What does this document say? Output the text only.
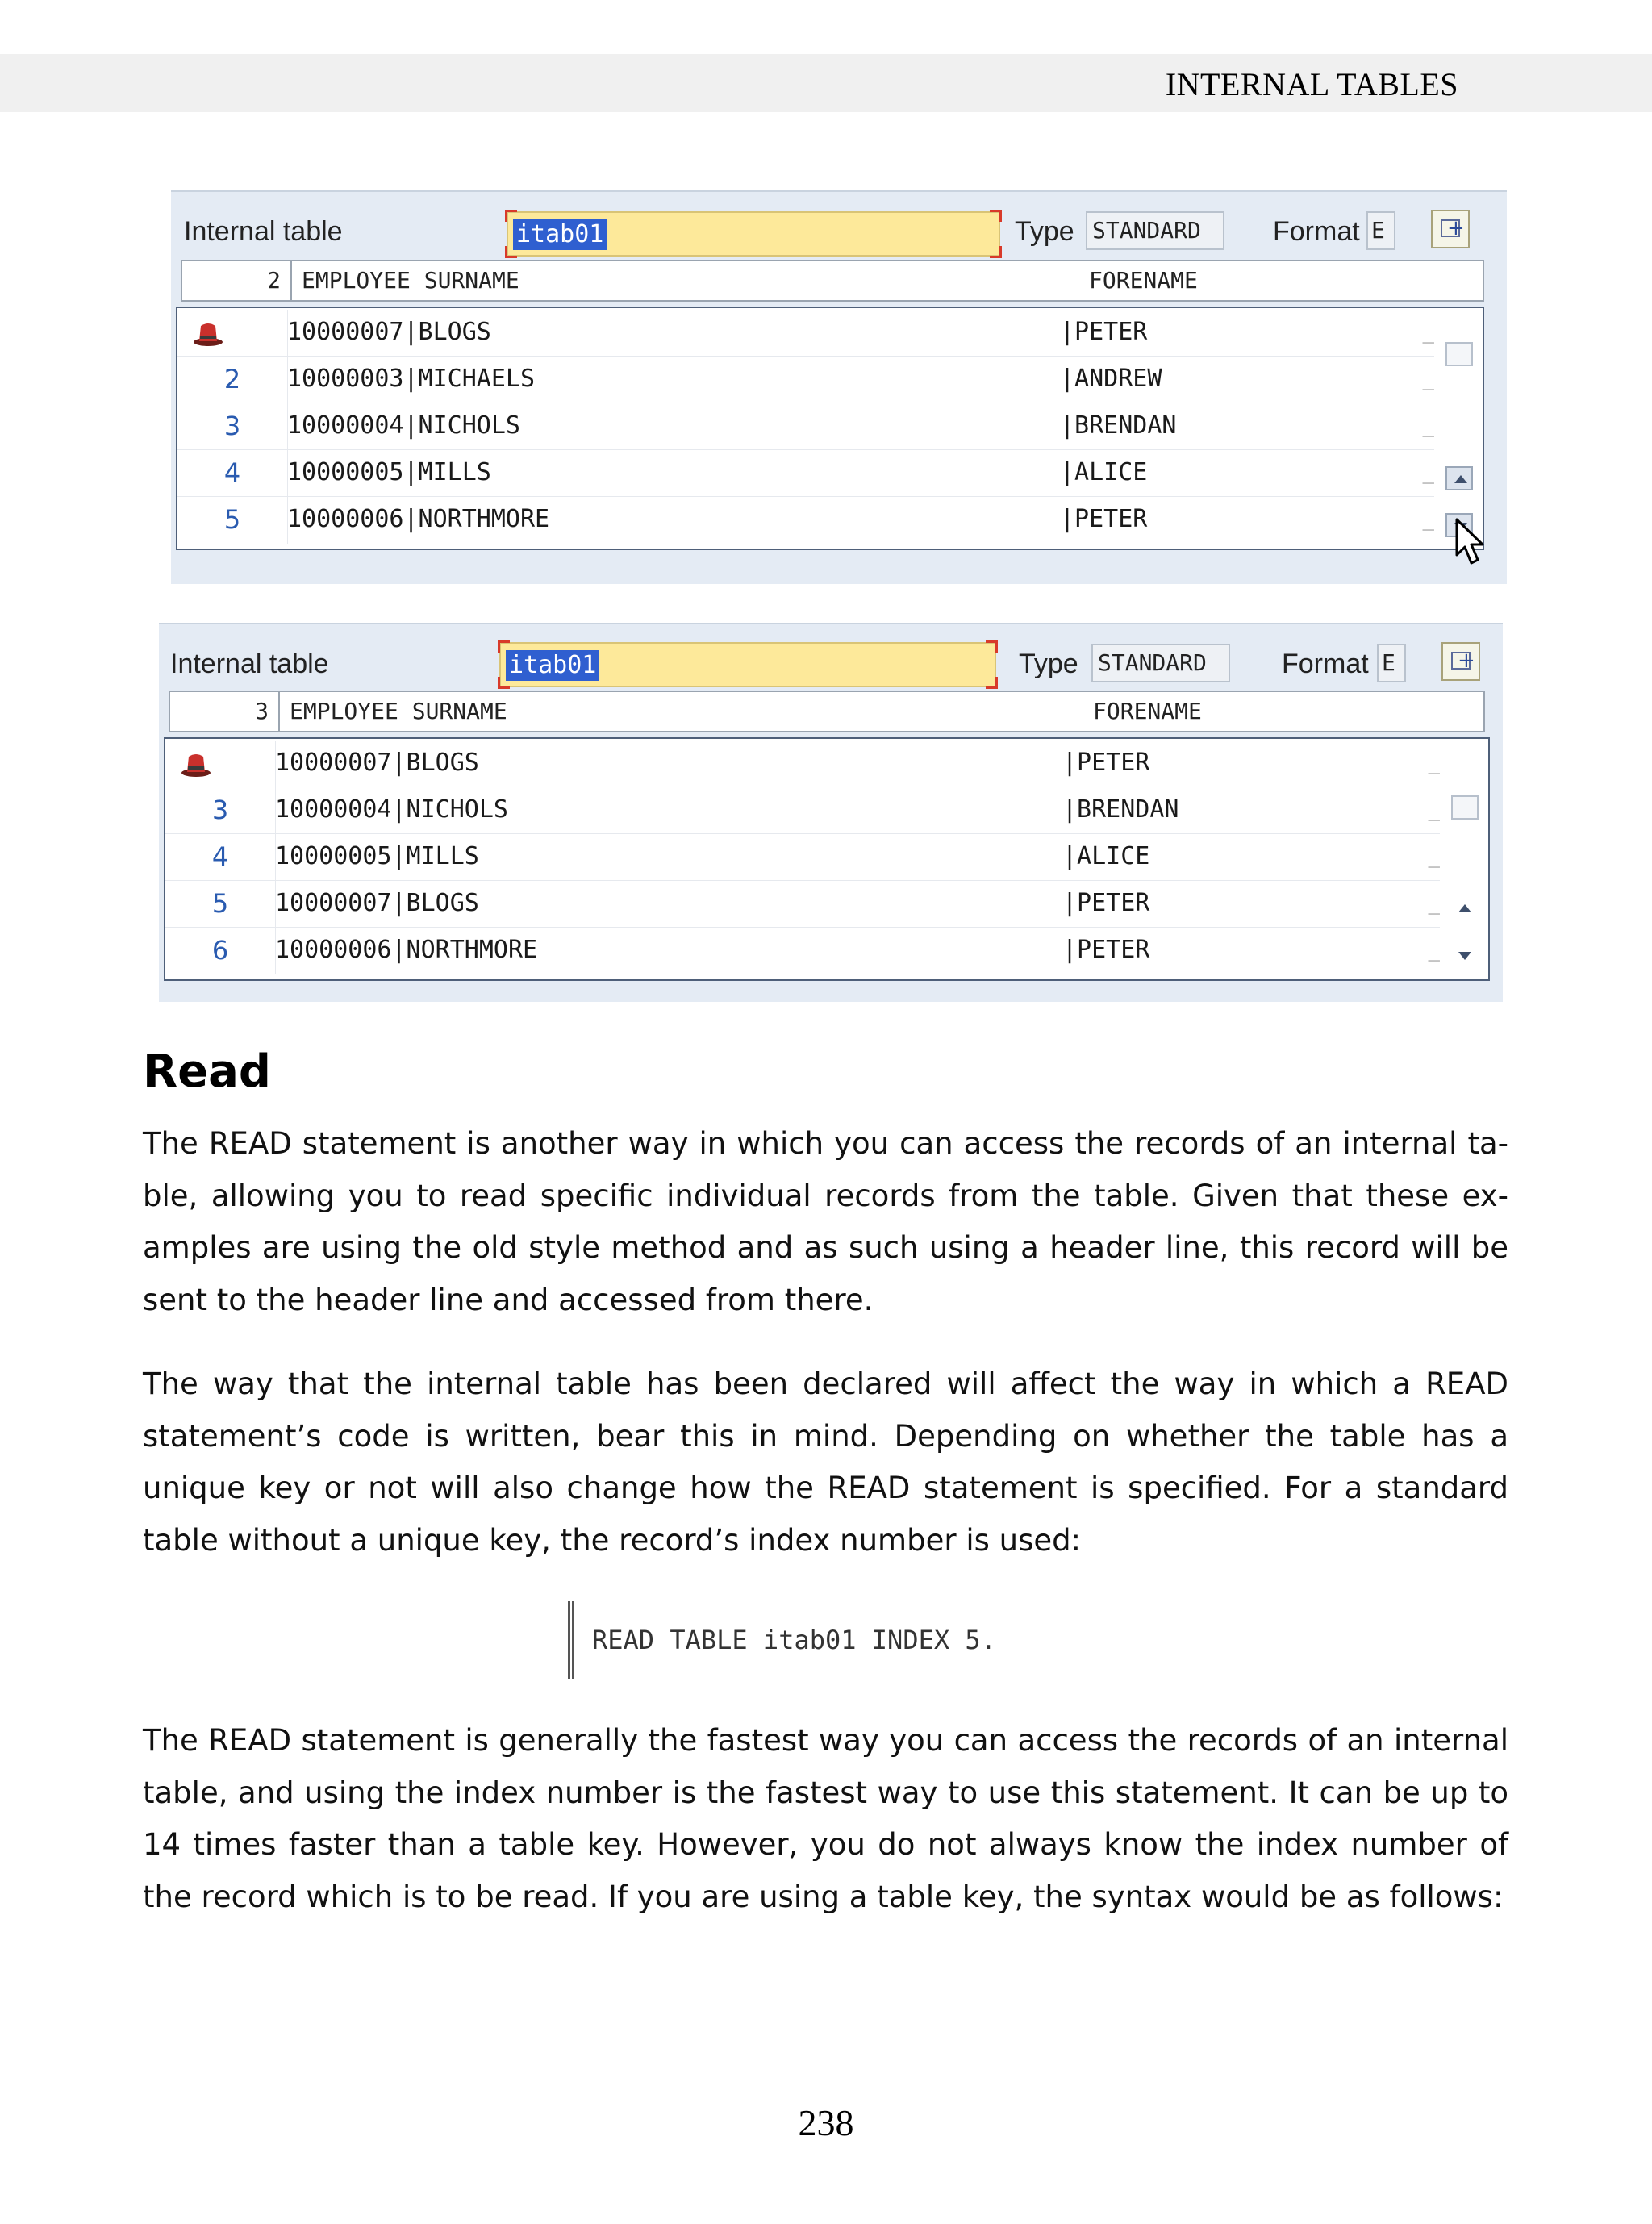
INTERNAL TABLES
Internal table	itab01	Type STANDARD	Format E
+
2 EMPLOYEE SURNAME	FORENAME
10000007|BLOGS	|PETER	_
2	10000003|MICHAELS	|ANDREW	_
3	10000004|NICHOLS	|BRENDAN	_
4	10000005|MILLS	|ALICE	_
5	10000006|NORTHMORE	|PETER	_
Internal table	itab01	Type STANDARD	Format E
+
3 EMPLOYEE SURNAME	FORENAME
10000007|BLOGS	|PETER	_
3	10000004|NICHOLS	|BRENDAN	_
4	10000005|MILLS	|ALICE	_
5	10000007|BLOGS	|PETER	_
6	10000006|NORTHMORE	|PETER	_
Read

The READ statement is another way in which you can access the records of an internal ta-ble, allowing you to read specific individual records from the table. Given that these ex-amples are using the old style method and as such using a header line, this record will be sent to the header line and accessed from there.

The way that the internal table has been declared will affect the way in which a READ statement’s code is written, bear this in mind. Depending on whether the table has a unique key or not will also change how the READ statement is specified. For a standard table without a unique key, the record’s index number is used:

READ TABLE itab01 INDEX 5.

The READ statement is generally the fastest way you can access the records of an internal table, and using the index number is the fastest way to use this statement. It can be up to 14 times faster than a table key. However, you do not always know the index number of the record which is to be read. If you are using a table key, the syntax would be as follows:

238
